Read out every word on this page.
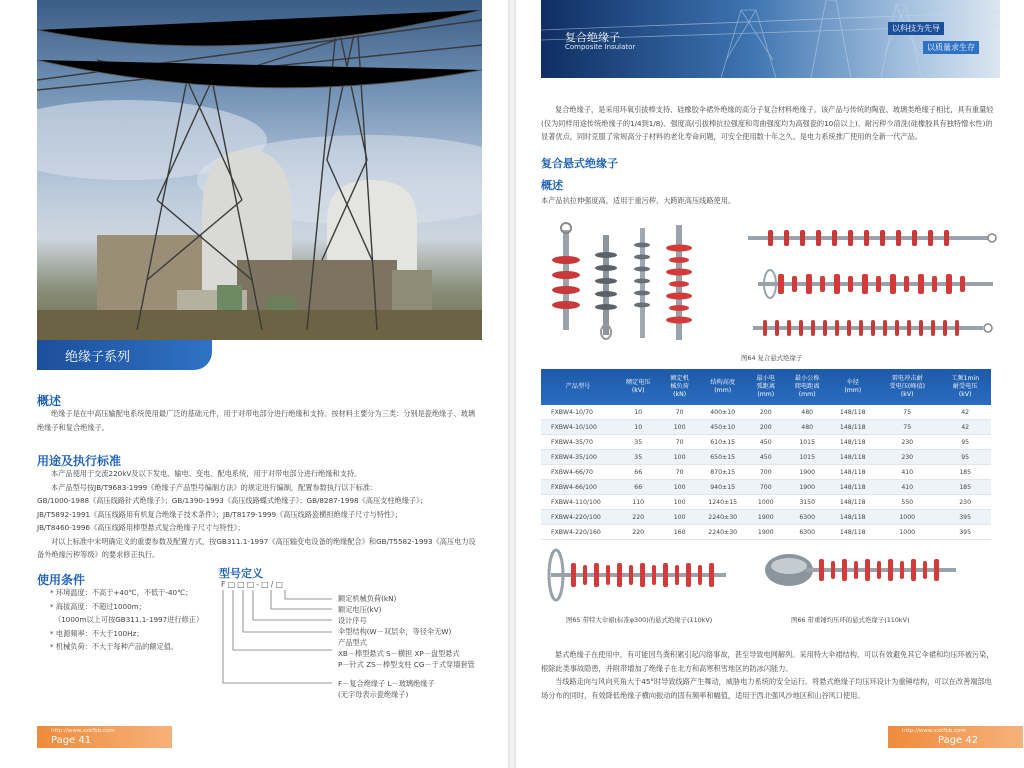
绝缘子系列
概述
绝缘子是在中高压输配电系统使用最广泛的基础元件，用于对带电部分进行绝缘和支持。按材料主要分为三类：分别是瓷绝缘子、玻璃绝缘子和复合绝缘子。
用途及执行标准

本产品使用于交流220kV及以下发电、输电、变电、配电系统，用于对带电部分进行绝缘和支持。

本产品型号按JB/T9683-1999《绝缘子产品型号编制方法》的规定进行编制，配置参数执行以下标准：

GB/1000-1988《高压线路针式绝缘子》；GB/1390-1993《高压线路蝶式绝缘子》；GB/8287-1998《高压支柱绝缘子》；

JB/T5892-1991《高压线路用有机复合绝缘子技术条件》；JB/T8179-1999《高压线路瓷横担绝缘子尺寸与特性》；

JB/T8460-1996《高压线路用棒型悬式复合绝缘子尺寸与特性》；

对以上标准中未明确定义的重要参数及配置方式，按GB311.1-1997《高压输变电设备的绝缘配合》和GB/T5582-1993《高压电力设备外绝缘污秽等级》的要求修正执行。

使用条件

* 环境温度：不高于+40℃，不低于-40℃；

* 海拔高度：不超过1000m；

（1000m以上可按GB311.1-1997进行修正）

* 电源频率：不大于100Hz；

* 机械负荷：不大于每种产品的额定值。

型号定义
F□□□-□/□
额定机械负荷(kN)
额定电压(kV)
设计序号
伞型结构(W－双层伞，等径伞无W)
产品型式
XB－棒型悬式 S－横担 XP－盘型悬式
P－针式 ZS－棒型支柱 CG－于式穿墙套管
F－复合绝缘子 L－玻璃绝缘子
(无字母表示瓷绝缘子)
http://www.xxkfbb.com
Page 41
复合绝缘子
Composite Insulator
以科技为先导
以质量求生存
复合绝缘子，是采用环氧引拔棒支持、硅橡胶伞裙外绝缘的高分子复合材料绝缘子。该产品与传统的陶瓷、玻璃类绝缘子相比，具有重量轻(仅为同样用途传统绝缘子的1/4到1/8)、强度高(引拔棒抗拉强度和弯曲强度均为高强瓷的10倍以上)、耐污秽少清洗(硅橡胶具有独特憎水性)的显著优点，同时克服了常规高分子材料的老化寿命问题，可安全使用数十年之久。是电力系统推广使用的全新一代产品。
复合悬式绝缘子
概述
本产品抗拉伸强度高，适用于重污秽、大跨距高压线路使用。
图64 复合悬式绝缘子
产品型号	额定电压
(kV)	额定机
械负荷
(kN)	结构高度
(mm)	最小电
弧距离
(mm)	最小公称
爬电距离
(mm)	伞径
(mm)	雷电冲击耐
受电压(峰值)
(kV)	工频1min
耐受电压
(kV)
FXBW4-10/70	10	70	400±10	200	480	148/118	75	42
FXBW4-10/100	10	100	450±10	200	480	148/118	75	42
FXBW4-35/70	35	70	610±15	450	1015	148/118	230	95
FXBW4-35/100	35	100	650±15	450	1015	148/118	230	95
FXBW4-66/70	66	70	870±15	700	1900	148/118	410	185
FXBW4-66/100	66	100	940±15	700	1900	148/118	410	185
FXBW4-110/100	110	100	1240±15	1000	3150	148/118	550	230
FXBW4-220/100	220	100	2240±30	1900	6300	148/118	1000	395
FXBW4-220/160	220	160	2240±30	1900	6300	148/118	1000	395
图65 带特大伞裙(标准φ300)的悬式绝缘子(110kV)	图66 带重锤均压环的悬式绝缘子(110kV)

悬式绝缘子在使用中，有可能因鸟粪积累引起闪络事故，甚至导致电网解列。采用特大伞裙结构，可以有效避免其它伞裙和均压环被污染，根除此类事故隐患，并附带增加了绝缘子在北方和高寒积雪地区的防冰闪能力。

当线路走向与风向夹角大于45°时导致线路产生舞动，威胁电力系统的安全运行。将悬式绝缘子均压环设计为重锤结构，可以在改善端部电场分布的同时，有效降低绝缘子横向振动的固有频率和幅值，适用于西北强风沙地区和山谷风口使用。

http://www.xxkfbb.com
Page 42
